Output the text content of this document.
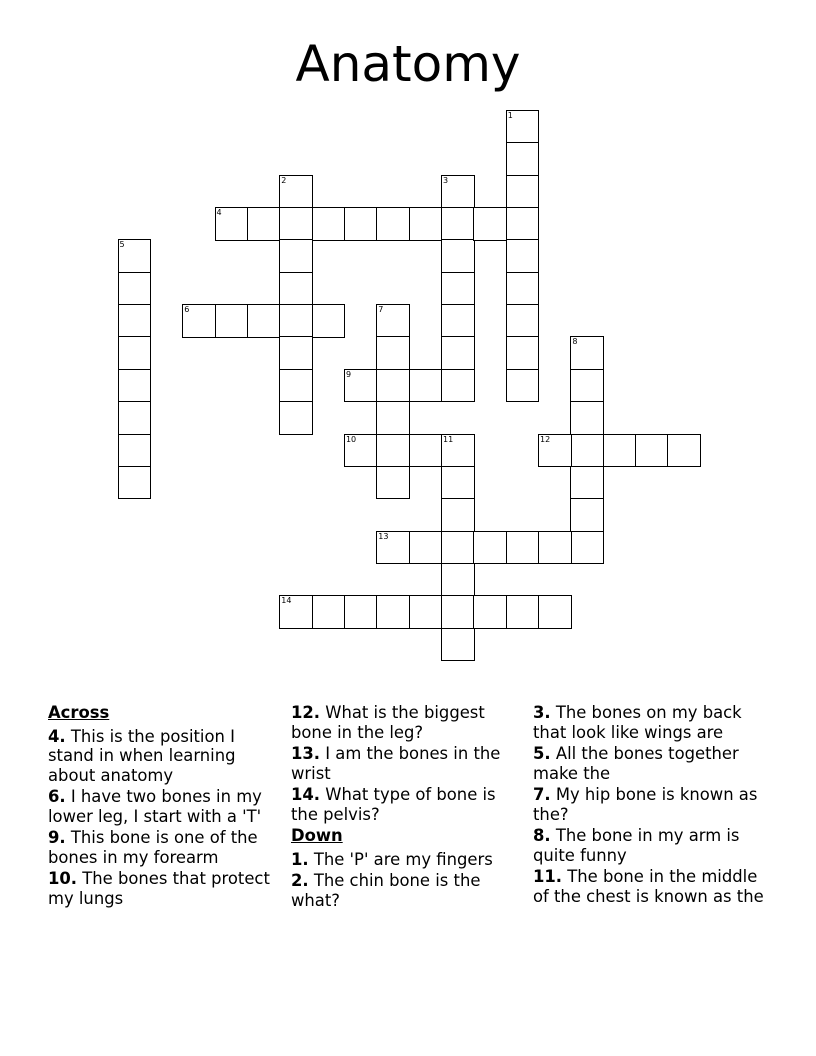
Anatomy
1
2	3
4
5
6	7
8
9
10	11	12
13
14
Across
4. This is the position I stand in when learning about anatomy
6. I have two bones in my lower leg, I start with a 'T'
9. This bone is one of the bones in my forearm
10. The bones that protect my lungs
12. What is the biggest bone in the leg?
13. I am the bones in the wrist
14. What type of bone is the pelvis?
Down
1. The 'P' are my fingers
2. The chin bone is the what?
3. The bones on my back that look like wings are
5. All the bones together make the
7. My hip bone is known as the?
8. The bone in my arm is quite funny
11. The bone in the middle of the chest is known as the
